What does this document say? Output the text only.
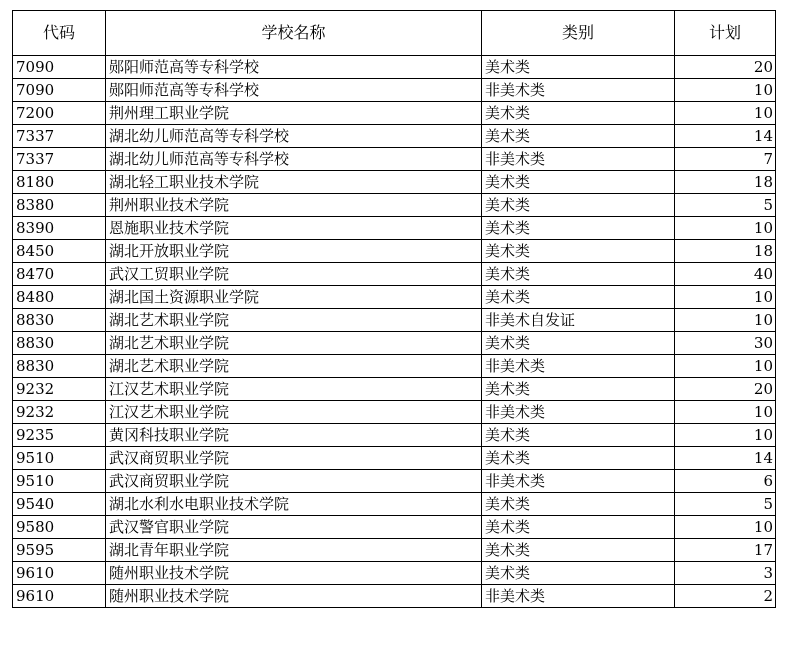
代码	学校名称	类别	计划
7090	郧阳师范高等专科学校	美术类	20
7090	郧阳师范高等专科学校	非美术类	10
7200	荆州理工职业学院	美术类	10
7337	湖北幼儿师范高等专科学校	美术类	14
7337	湖北幼儿师范高等专科学校	非美术类	7
8180	湖北轻工职业技术学院	美术类	18
8380	荆州职业技术学院	美术类	5
8390	恩施职业技术学院	美术类	10
8450	湖北开放职业学院	美术类	18
8470	武汉工贸职业学院	美术类	40
8480	湖北国土资源职业学院	美术类	10
8830	湖北艺术职业学院	非美术自发证	10
8830	湖北艺术职业学院	美术类	30
8830	湖北艺术职业学院	非美术类	10
9232	江汉艺术职业学院	美术类	20
9232	江汉艺术职业学院	非美术类	10
9235	黄冈科技职业学院	美术类	10
9510	武汉商贸职业学院	美术类	14
9510	武汉商贸职业学院	非美术类	6
9540	湖北水利水电职业技术学院	美术类	5
9580	武汉警官职业学院	美术类	10
9595	湖北青年职业学院	美术类	17
9610	随州职业技术学院	美术类	3
9610	随州职业技术学院	非美术类	2
